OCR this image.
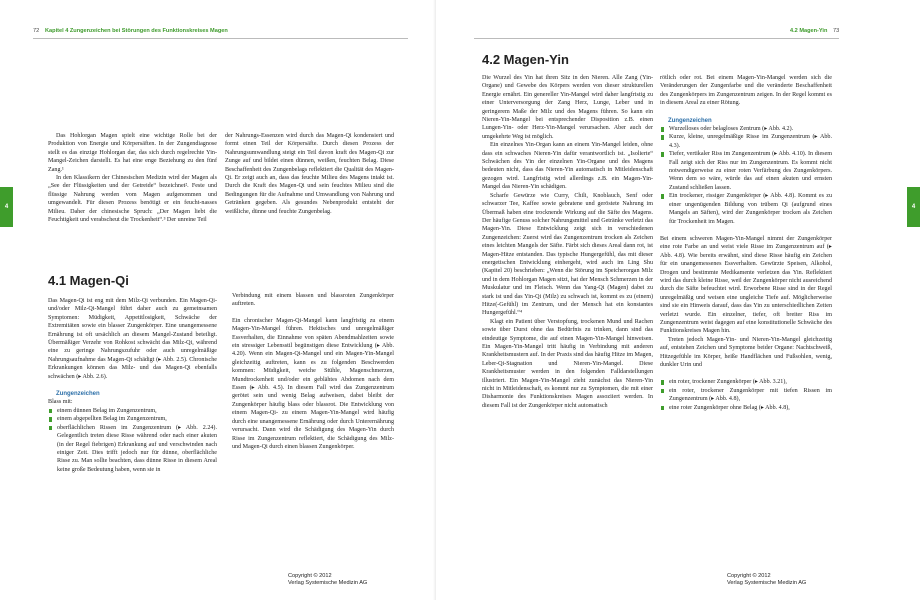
72 Kapitel 4 Zungenzeichen bei Störungen des Funktionskreises Magen
4

Das Hohlorgan Magen spielt eine wichtige Rolle bei der Produktion von Energie und Körpersäften. In der Zungendiagnose stellt es das einzige Hohlorgan dar, das sich durch regelrechte Yin-Mangel-Zeichen darstellt. Es hat eine enge Beziehung zu den fünf Zang.¹

In den Klassikern der Chinesischen Medizin wird der Magen als „See der Flüssigkeiten und der Getreide“ bezeichnet². Feste und flüssige Nahrung werden vom Magen aufgenommen und umgewandelt. Für diesen Prozess benötigt er ein feucht-nasses Milieu. Daher der chinesische Spruch: „Der Magen liebt die Feuchtigkeit und verabscheut die Trockenheit“.³ Der unreine Teil

der Nahrungs-Essenzen wird durch das Magen-Qi kondensiert und formt einen Teil der Körpersäfte. Durch diesen Prozess der Nahrungsumwandlung steigt ein Teil davon kraft des Magen-Qi zur Zunge auf und bildet einen dünnen, weißen, feuchten Belag. Diese Beschaffenheit des Zungenbelags reflektiert die Qualität des Magen-Qi. Er zeigt auch an, dass das feuchte Milieu des Magens intakt ist. Durch die Kraft des Magen-Qi und sein feuchtes Milieu sind die Bedingungen für die Aufnahme und Umwandlung von Nahrung und Getränken gegeben. Als gesundes Nebenprodukt entsteht der weißliche, dünne und feuchte Zungenbelag.

4.1 Magen-Qi

Das Magen-Qi ist eng mit dem Milz-Qi verbunden. Ein Magen-Qi- und/oder Milz-Qi-Mangel führt daher auch zu gemeinsamen Symptomen: Müdigkeit, Appetitlosigkeit, Schwäche der Extremitäten sowie ein blasser Zungenkörper. Eine unangemessene Ernährung ist oft ursächlich an diesem Mangel-Zustand beteiligt. Übermäßiger Verzehr von Rohkost schwächt das Milz-Qi, während eine zu geringe Nahrungszufuhr oder auch unregelmäßige Nahrungsaufnahme das Magen-Qi schädigt (▸ Abb. 2.5). Chronische Erkrankungen können das Milz- und das Magen-Qi ebenfalls schwächen (▸ Abb. 2.6).

Zungenzeichen

Blass mit:

einem dünnen Belag im Zungenzentrum,
einem abgepellten Belag im Zungenzentrum,
oberflächlichen Rissen im Zungenzentrum (▸ Abb. 2.24). Gelegentlich treten diese Risse während oder nach einer akuten (in der Regel fiebrigen) Erkrankung auf und verschwinden nach einiger Zeit. Dies trifft jedoch nur für dünne, oberflächliche Risse zu. Man sollte beachten, dass dünne Risse in diesem Areal keine große Bedeutung haben, wenn sie in

Verbindung mit einem blassen und blassroten Zungenkörper auftreten.

Ein chronischer Magen-Qi-Mangel kann langfristig zu einem Magen-Yin-Mangel führen. Hektisches und unregelmäßiger Essverhalten, die Einnahme von späten Abendmahlzeiten sowie ein stressiger Lebensstil begünstigen diese Entwicklung (▸ Abb. 4.20). Wenn ein Magen-Qi-Mangel und ein Magen-Yin-Mangel gleichzeitig auftreten, kann es zu folgenden Beschwerden kommen: Müdigkeit, weiche Stühle, Magenschmerzen, Mundtrockenheit und/oder ein geblähtes Abdomen nach dem Essen (▸ Abb. 4.5). In diesem Fall wird das Zungenzentrum gerötet sein und wenig Belag aufweisen, dabei bleibt der Zungenkörper häufig blass oder blassrot. Die Entwicklung von einem Magen-Qi- zu einem Magen-Yin-Mangel wird häufig durch eine unangemessene Ernährung oder durch Unterernährung verursacht. Dann wird die Schädigung des Magen-Yin durch Risse im Zungenzentrum reflektiert, die Schädigung des Milz- und Magen-Qi durch einen blassen Zungenkörper.

Copyright © 2012
Verlag Systemische Medizin AG
4.2 Magen-Yin 73
4
4.2 Magen-Yin

Die Wurzel des Yin hat ihren Sitz in den Nieren. Alle Zang (Yin-Organe) und Gewebe des Körpers werden von dieser strukturellen Energie ernährt. Ein genereller Yin-Mangel wird daher langfristig zu einer Unterversorgung der Zang Herz, Lunge, Leber und in geringerem Maße der Milz und des Magens führen. So kann ein Nieren-Yin-Mangel bei entsprechender Disposition z.B. einen Lungen-Yin- oder Herz-Yin-Mangel verursachen. Aber auch der umgekehrte Weg ist möglich.

Ein einzelnes Yin-Organ kann an einem Yin-Mangel leiden, ohne dass ein schwaches Nieren-Yin dafür verantwortlich ist. „Isolierte“ Schwächen des Yin der einzelnen Yin-Organe und des Magens bedeuten nicht, dass das Nieren-Yin automatisch in Mitleidenschaft gezogen wird. Langfristig wird allerdings z.B. ein Magen-Yin-Mangel das Nieren-Yin schädigen.

Scharfe Gewürze wie Curry, Chili, Knoblauch, Senf oder schwarzer Tee, Kaffee sowie gebratene und geröstete Nahrung im Übermaß haben eine trocknende Wirkung auf die Säfte des Magens. Der häufige Genuss solcher Nahrungsmittel und Getränke verletzt das Magen-Yin. Diese Entwicklung zeigt sich in verschiedenen Zungenzeichen: Zuerst wird das Zungenzentrum trocken als Zeichen eines leichten Mangels der Säfte. Färbt sich dieses Areal dann rot, ist Magen-Hitze entstanden. Das typische Hungergefühl, das mit dieser energetischen Entwicklung einhergeht, wird auch im Ling Shu (Kapitel 20) beschrieben: „Wenn die Störung im Speicherorgan Milz und in dem Hohlorgan Magen sitzt, hat der Mensch Schmerzen in der Muskulatur und im Fleisch. Wenn das Yang-Qi (Magen) dabei zu stark ist und das Yin-Qi (Milz) zu schwach ist, kommt es zu (einem) Hitze(-Gefühl) im Zentrum, und der Mensch hat ein konstantes Hungergefühl.“⁴

Klagt ein Patient über Verstopfung, trockenen Mund und Rachen sowie über Durst ohne das Bedürfnis zu trinken, dann sind das eindeutige Symptome, die auf einen Magen-Yin-Mangel hinweisen. Ein Magen-Yin-Mangel tritt häufig in Verbindung mit anderen Krankheitsmustern auf. In der Praxis sind das häufig Hitze im Magen, Leber-Qi-Stagnation und Nieren-Yin-Mangel. Diese Krankheitsmuster werden in den folgenden Falldarstellungen illustriert. Ein Magen-Yin-Mangel zieht zunächst das Nieren-Yin nicht in Mitleidenschaft, es kommt nur zu Symptomen, die mit einer Disharmonie des Funktionskreises Magen assoziiert werden. In diesem Fall ist der Zungenkörper nicht automatisch

rötlich oder rot. Bei einem Magen-Yin-Mangel werden sich die Veränderungen der Zungenfarbe und die veränderte Beschaffenheit des Zungenkörpers im Zungenzentrum zeigen. In der Regel kommt es in diesem Areal zu einer Rötung.

Zungenzeichen

Wurzelloses oder belagloses Zentrum (▸ Abb. 4.2).
Kurze, kleine, unregelmäßige Risse im Zungenzentrum (▸ Abb. 4.3).
Tiefer, vertikaler Riss im Zungenzentrum (▸ Abb. 4.10). In diesem Fall zeigt sich der Riss nur im Zungenzentrum. Es kommt nicht notwendigerweise zu einer roten Verfärbung des Zungenkörpers. Wenn dem so wäre, würde das auf einen akuten und ernsten Zustand schließen lassen.
Ein trockener, rissiger Zungenkörper (▸ Abb. 4.8). Kommt es zu einer ungenügenden Bildung von trübem Qi (aufgrund eines Mangels an Säften), wird der Zungenkörper trocken als Zeichen für Trockenheit im Magen.

Bei einem schweren Magen-Yin-Mangel nimmt der Zungenkörper eine rote Farbe an und weist viele Risse im Zungenzentrum auf (▸ Abb. 4.8). Wie bereits erwähnt, sind diese Risse häufig ein Zeichen für ein unangemessenes Essverhalten. Gewürzte Speisen, Alkohol, Drogen und bestimmte Medikamente verletzen das Yin. Reflektiert wird das durch kleine Risse, weil der Zungenkörper nicht ausreichend durch die Säfte befeuchtet wird. Erworbene Risse sind in der Regel unregelmäßig und weisen eine ungleiche Tiefe auf. Möglicherweise sind sie ein Hinweis darauf, dass das Yin zu unterschiedlichen Zeiten verletzt wurde. Ein einzelner, tiefer, oft breiter Riss im Zungenzentrum weist dagegen auf eine konstitutionelle Schwäche des Funktionskreises Magen hin.

Treten jedoch Magen-Yin- und Nieren-Yin-Mangel gleichzeitig auf, entstehen Zeichen und Symptome beider Organe: Nachtschweiß, Hitzegefühle im Körper, heiße Handflächen und Fußsohlen, wenig, dunkler Urin und

ein roter, trockener Zungenkörper (▸ Abb. 3.21),
ein roter, trockener Zungenkörper mit tiefen Rissen im Zungenzentrum (▸ Abb. 4.8),
eine roter Zungenkörper ohne Belag (▸ Abb. 4.8),
Copyright © 2012
Verlag Systemische Medizin AG
